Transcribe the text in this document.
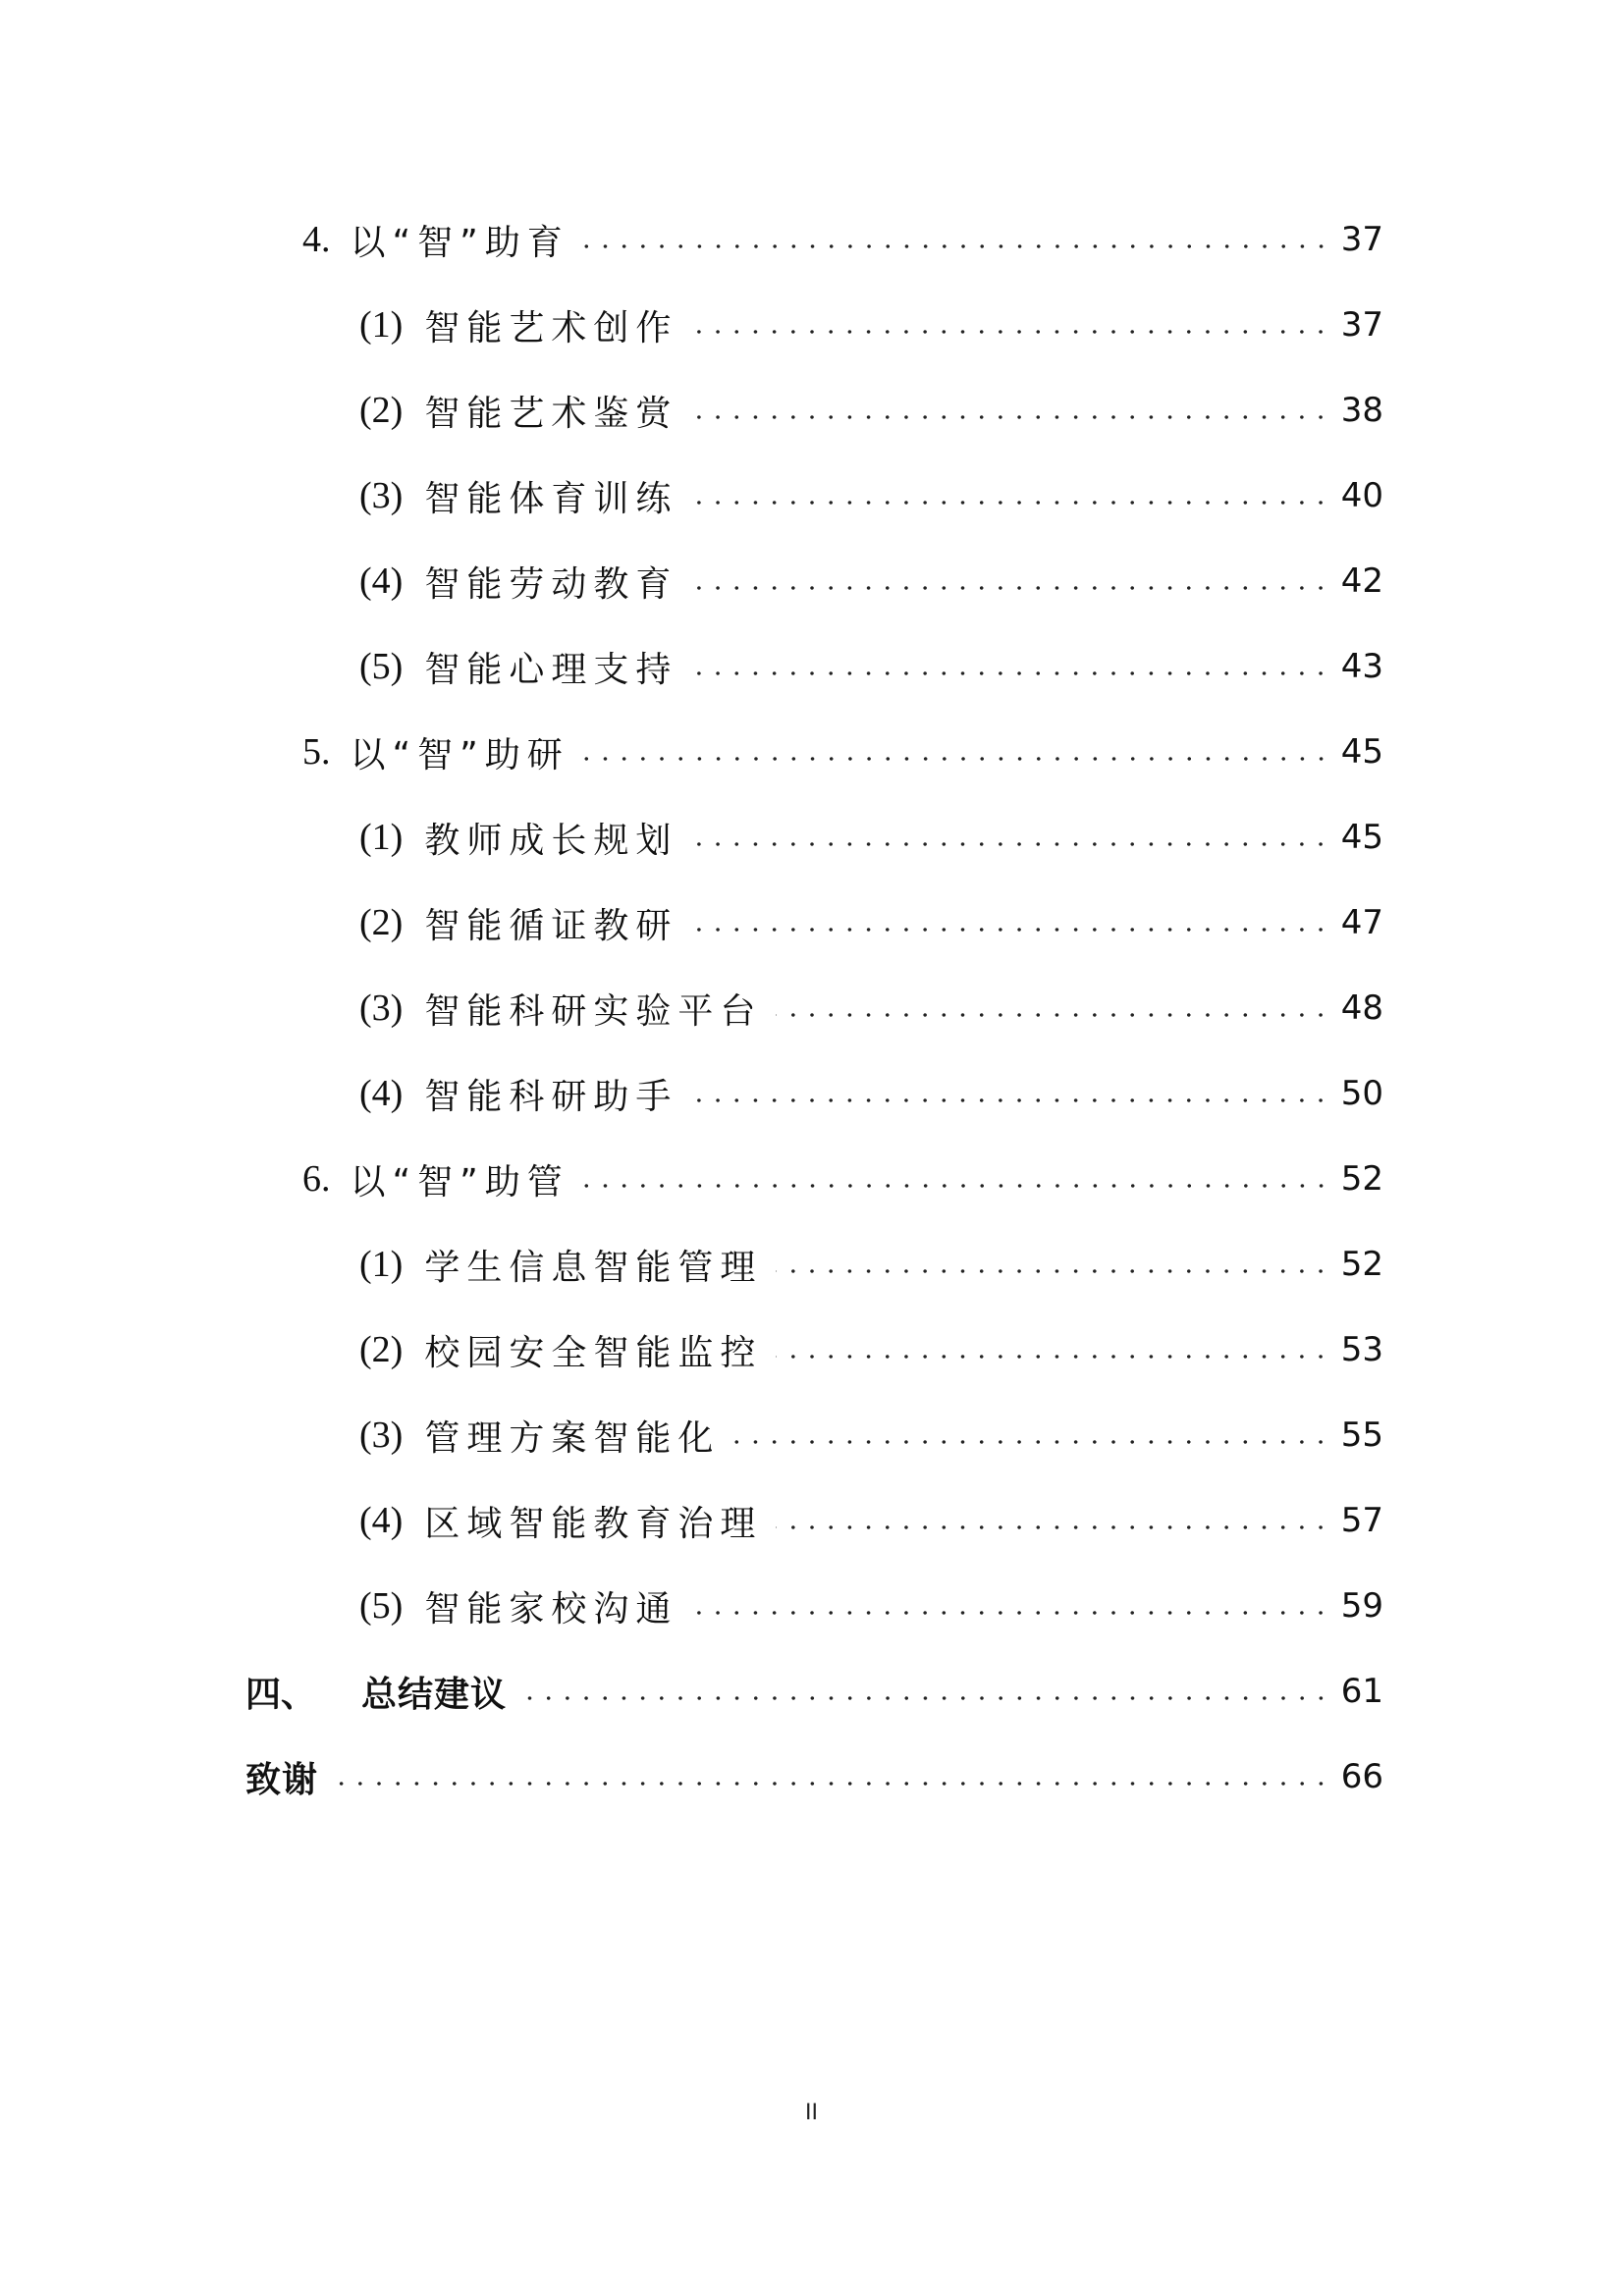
4. 以“智”助育	37
(1) 智能艺术创作	37
(2) 智能艺术鉴赏	38
(3) 智能体育训练	40
(4) 智能劳动教育	42
(5) 智能心理支持	43
5. 以“智”助研	45
(1) 教师成长规划	45
(2) 智能循证教研	47
(3) 智能科研实验平台	48
(4) 智能科研助手	50
6. 以“智”助管	52
(1) 学生信息智能管理	52
(2) 校园安全智能监控	53
(3) 管理方案智能化	55
(4) 区域智能教育治理	57
(5) 智能家校沟通	59
四、 总结建议	61
致谢	66
II
